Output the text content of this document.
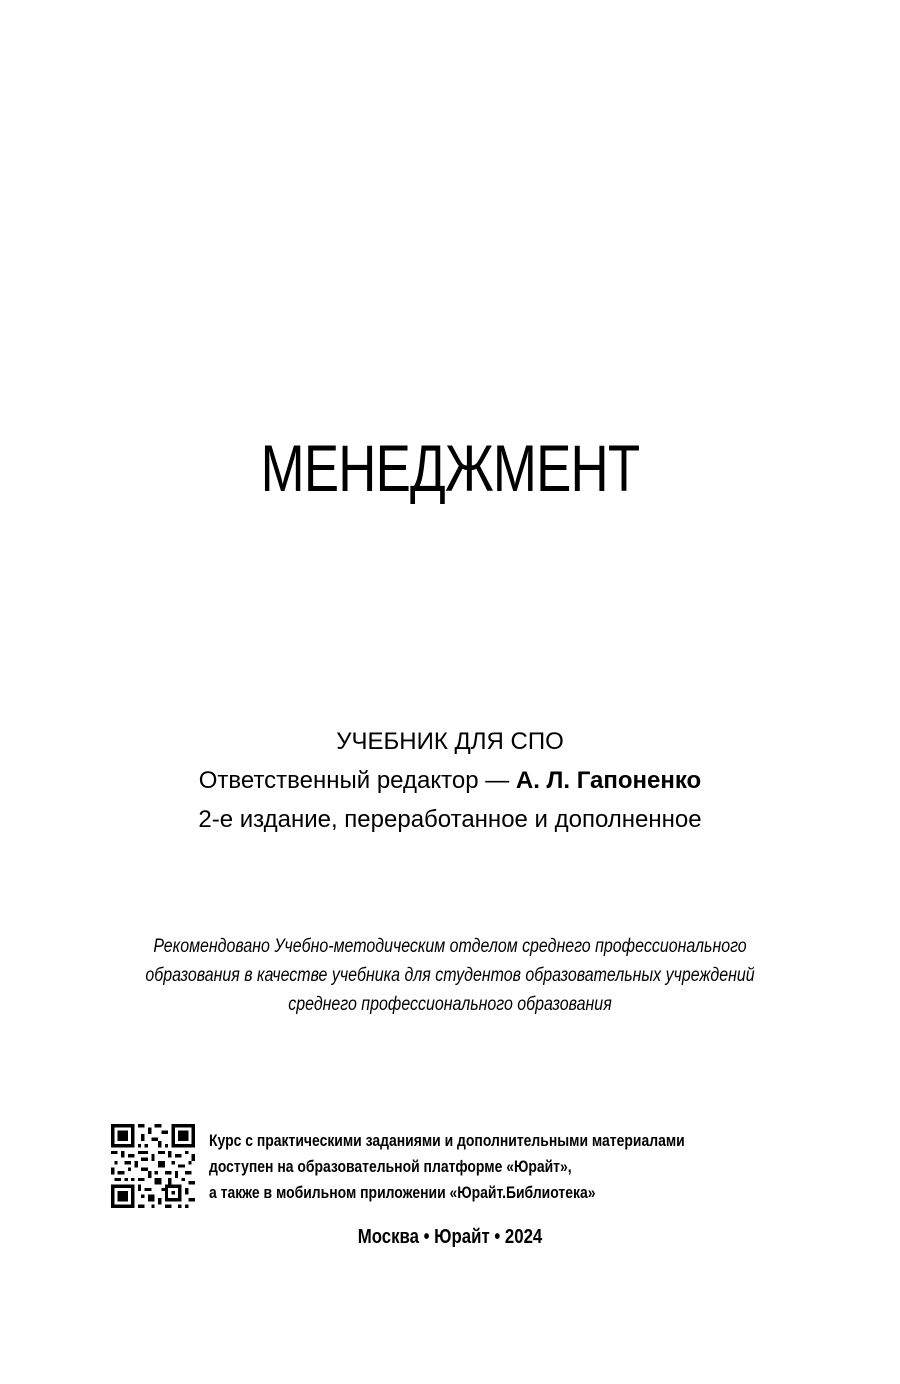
МЕНЕДЖМЕНТ
УЧЕБНИК ДЛЯ СПО
Ответственный редактор — А. Л. Гапоненко
2-е издание, переработанное и дополненное
Рекомендовано Учебно-методическим отделом среднего профессионального
образования в качестве учебника для студентов образовательных учреждений
среднего профессионального образования
Курс с практическими заданиями и дополнительными материалами
доступен на образовательной платформе «Юрайт»,
а также в мобильном приложении «Юрайт.Библиотека»
Москва • Юрайт • 2024
